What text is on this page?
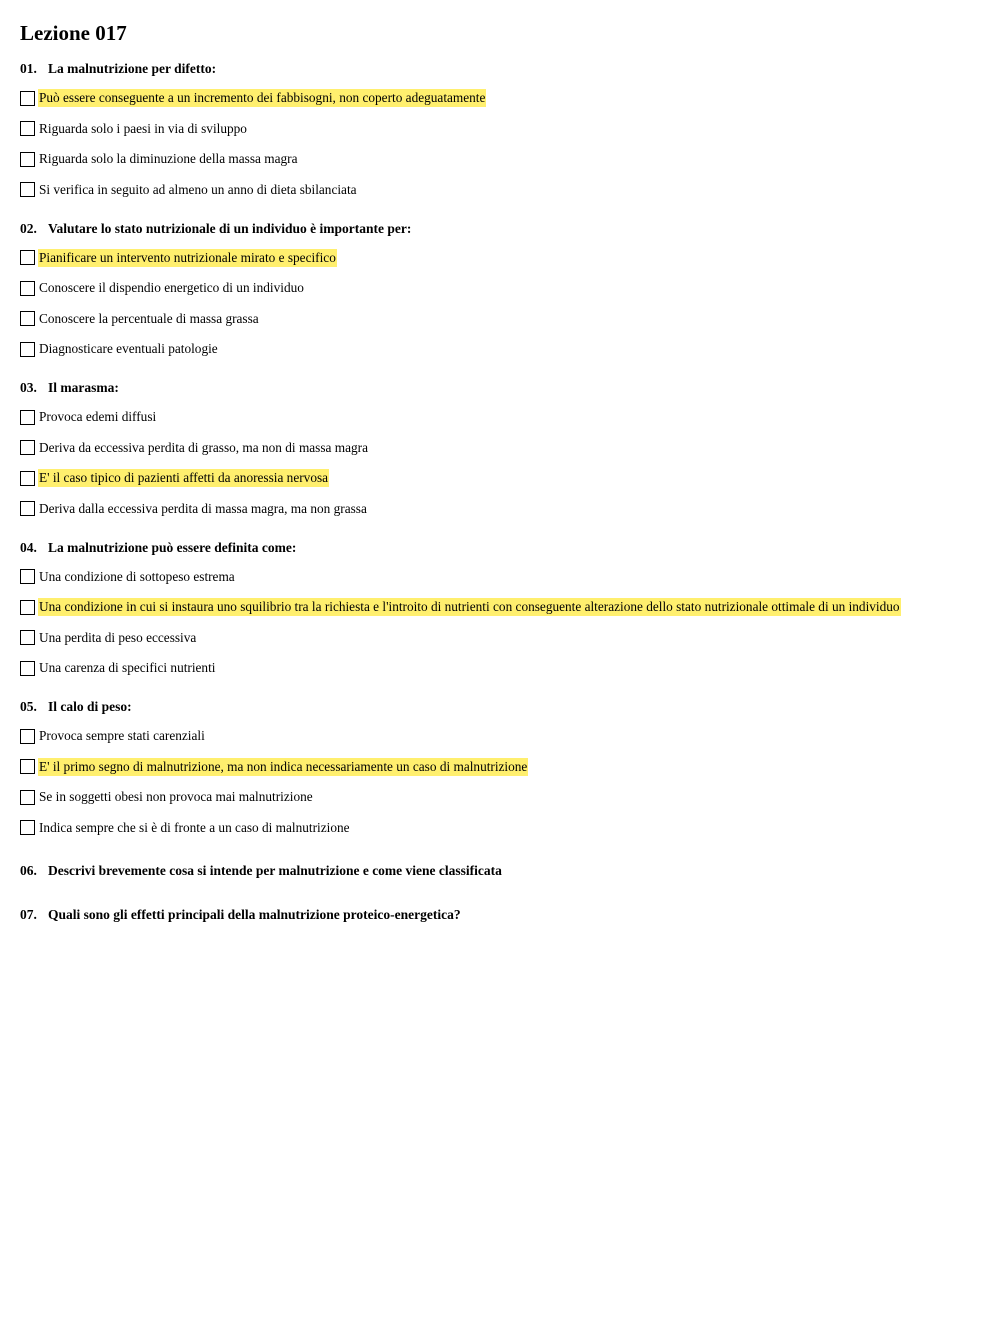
Lezione 017
01. La malnutrizione per difetto:
Può essere conseguente a un incremento dei fabbisogni, non coperto adeguatamente
Riguarda solo i paesi in via di sviluppo
Riguarda solo la diminuzione della massa magra
Si verifica in seguito ad almeno un anno di dieta sbilanciata
02. Valutare lo stato nutrizionale di un individuo è importante per:
Pianificare un intervento nutrizionale mirato e specifico
Conoscere il dispendio energetico di un individuo
Conoscere la percentuale di massa grassa
Diagnosticare eventuali patologie
03. Il marasma:
Provoca edemi diffusi
Deriva da eccessiva perdita di grasso, ma non di massa magra
E' il caso tipico di pazienti affetti da anoressia nervosa
Deriva dalla eccessiva perdita di massa magra, ma non grassa
04. La malnutrizione può essere definita come:
Una condizione di sottopeso estrema
Una condizione in cui si instaura uno squilibrio tra la richiesta e l'introito di nutrienti con conseguente alterazione dello stato nutrizionale ottimale di un individuo
Una perdita di peso eccessiva
Una carenza di specifici nutrienti
05. Il calo di peso:
Provoca sempre stati carenziali
E' il primo segno di malnutrizione, ma non indica necessariamente un caso di malnutrizione
Se in soggetti obesi non provoca mai malnutrizione
Indica sempre che si è di fronte a un caso di malnutrizione
06. Descrivi brevemente cosa si intende per malnutrizione e come viene classificata
07. Quali sono gli effetti principali della malnutrizione proteico-energetica?
